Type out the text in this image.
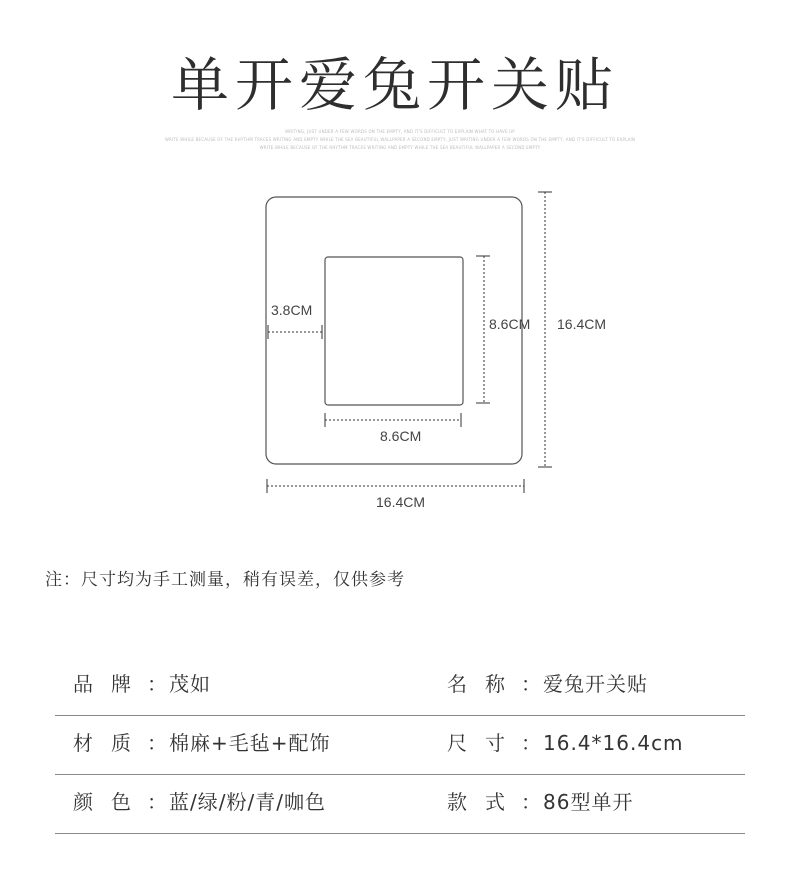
单开爱兔开关贴
WRITING, JUST UNDER A FEW WORDS ON THE EMPTY, AND IT'S DIFFICULT TO EXPLAIN WHAT TO HAVE UP
WRITE WHILE BECAUSE OF THE RHYTHM TRACES WRITING AND EMPTY WHILE THE SEA BEAUTIFUL WALLPAPER A SECOND EMPTY, JUST WRITING UNDER A FEW WORDS ON THE EMPTY, AND IT'S DIFFICULT TO EXPLAIN
WRITE WHILE BECAUSE OF THE RHYTHM TRACES WRITING AND EMPTY WHILE THE SEA BEAUTIFUL WALLPAPER A SECOND EMPTY
3.8CM
8.6CM
8.6CM
16.4CM
16.4CM
注：尺寸均为手工测量，稍有误差，仅供参考
品牌：茂如	名称：爱兔开关贴
材质：棉麻+毛毡+配饰	尺寸：16.4*16.4cm
颜色：蓝/绿/粉/青/咖色	款式：86型单开
